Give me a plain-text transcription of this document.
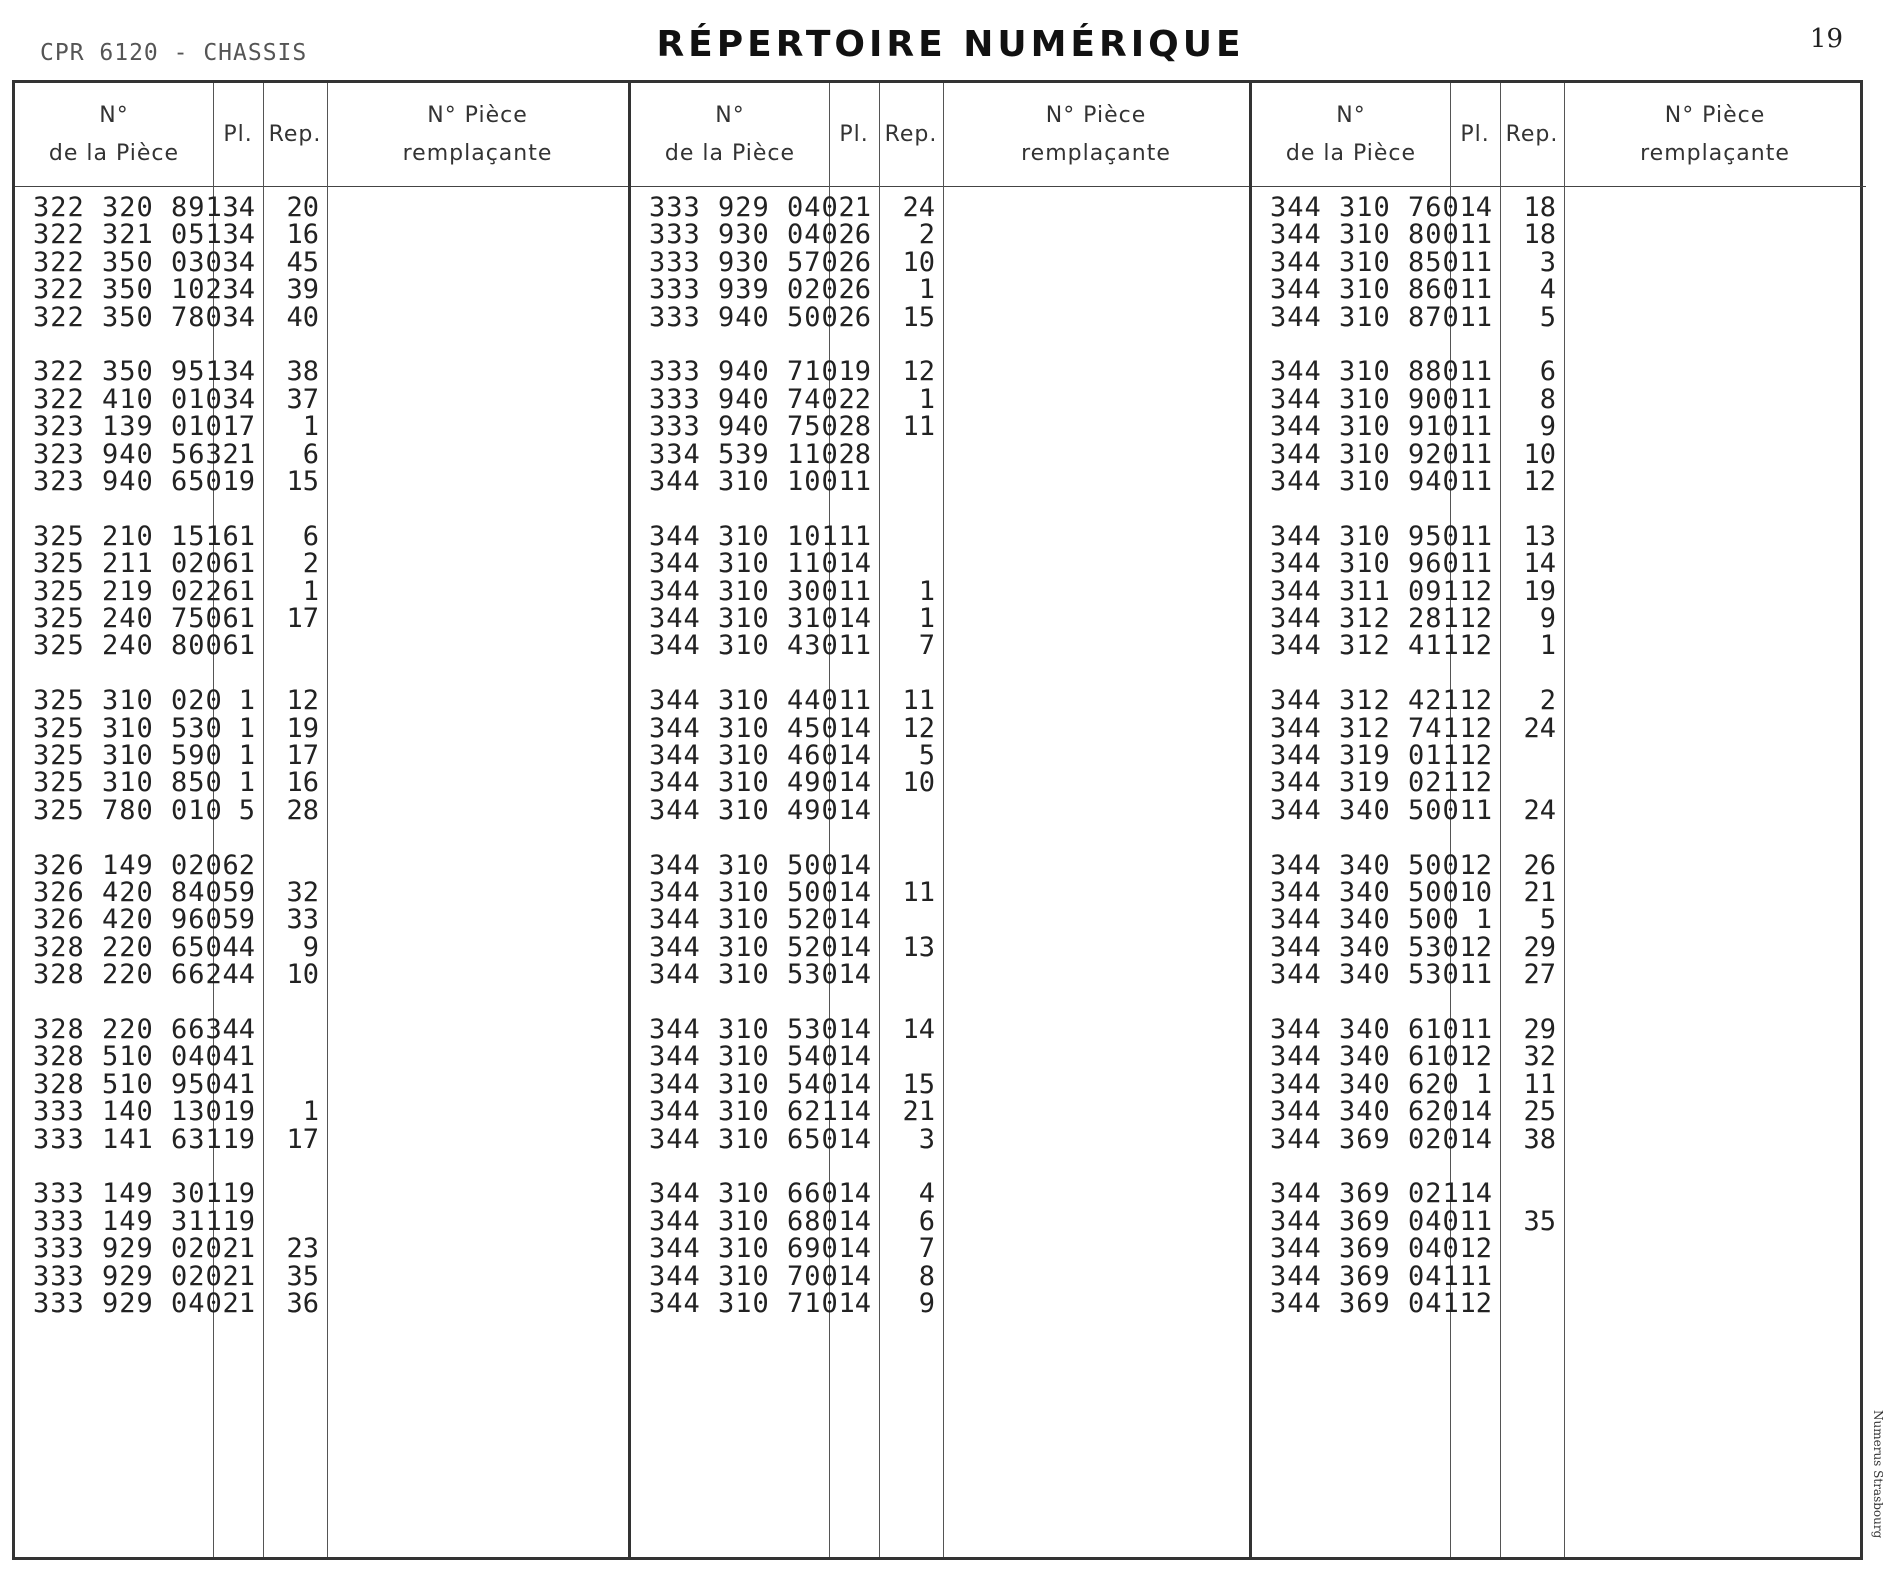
CPR 6120 - CHASSIS	RÉPERTOIRE NUMÉRIQUE	19
N°
de la Pièce
Pl. Rep.
N° Pièce
remplaçante
322 320 891 34	20
322 321 051 34	16
322 350 030 34	45
322 350 102 34	39
322 350 780 34	40
322 350 951 34	38
322 410 010 34	37
323 139 010 17	1
323 940 563 21	6
323 940 650 19	15
325 210 151 61	6
325 211 020 61	2
325 219 022 61	1
325 240 750 61	17
325 240 800 61
325 310 020 1	12
325 310 530 1	19
325 310 590 1	17
325 310 850 1	16
325 780 010 5	28
326 149 020 62
326 420 840 59	32
326 420 960 59	33
328 220 650 44	9
328 220 662 44	10
328 220 663 44
328 510 040 41
328 510 950 41
333 140 130 19	1
333 141 631 19	17
333 149 301 19
333 149 311 19
333 929 020 21	23
333 929 020 21	35
333 929 040 21	36
N°
de la Pièce
Pl. Rep.
N° Pièce
remplaçante
333 929 040 21	24
333 930 040 26	2
333 930 570 26	10
333 939 020 26	1
333 940 500 26	15
333 940 710 19	12
333 940 740 22	1
333 940 750 28	11
334 539 110 28
344 310 100 11
344 310 101 11
344 310 110 14
344 310 300 11	1
344 310 310 14	1
344 310 430 11	7
344 310 440 11	11
344 310 450 14	12
344 310 460 14	5
344 310 490 14	10
344 310 490 14
344 310 500 14
344 310 500 14	11
344 310 520 14
344 310 520 14	13
344 310 530 14
344 310 530 14	14
344 310 540 14
344 310 540 14	15
344 310 621 14	21
344 310 650 14	3
344 310 660 14	4
344 310 680 14	6
344 310 690 14	7
344 310 700 14	8
344 310 710 14	9
N°
de la Pièce
Pl. Rep.
N° Pièce
remplaçante
344 310 760 14	18
344 310 800 11	18
344 310 850 11	3
344 310 860 11	4
344 310 870 11	5
344 310 880 11	6
344 310 900 11	8
344 310 910 11	9
344 310 920 11	10
344 310 940 11	12
344 310 950 11	13
344 310 960 11	14
344 311 091 12	19
344 312 281 12	9
344 312 411 12	1
344 312 421 12	2
344 312 741 12	24
344 319 011 12
344 319 021 12
344 340 500 11	24
344 340 500 12	26
344 340 500 10	21
344 340 500 1	5
344 340 530 12	29
344 340 530 11	27
344 340 610 11	29
344 340 610 12	32
344 340 620 1	11
344 340 620 14	25
344 369 020 14	38
344 369 021 14
344 369 040 11	35
344 369 040 12
344 369 041 11
344 369 041 12
Numerus Strasbourg
